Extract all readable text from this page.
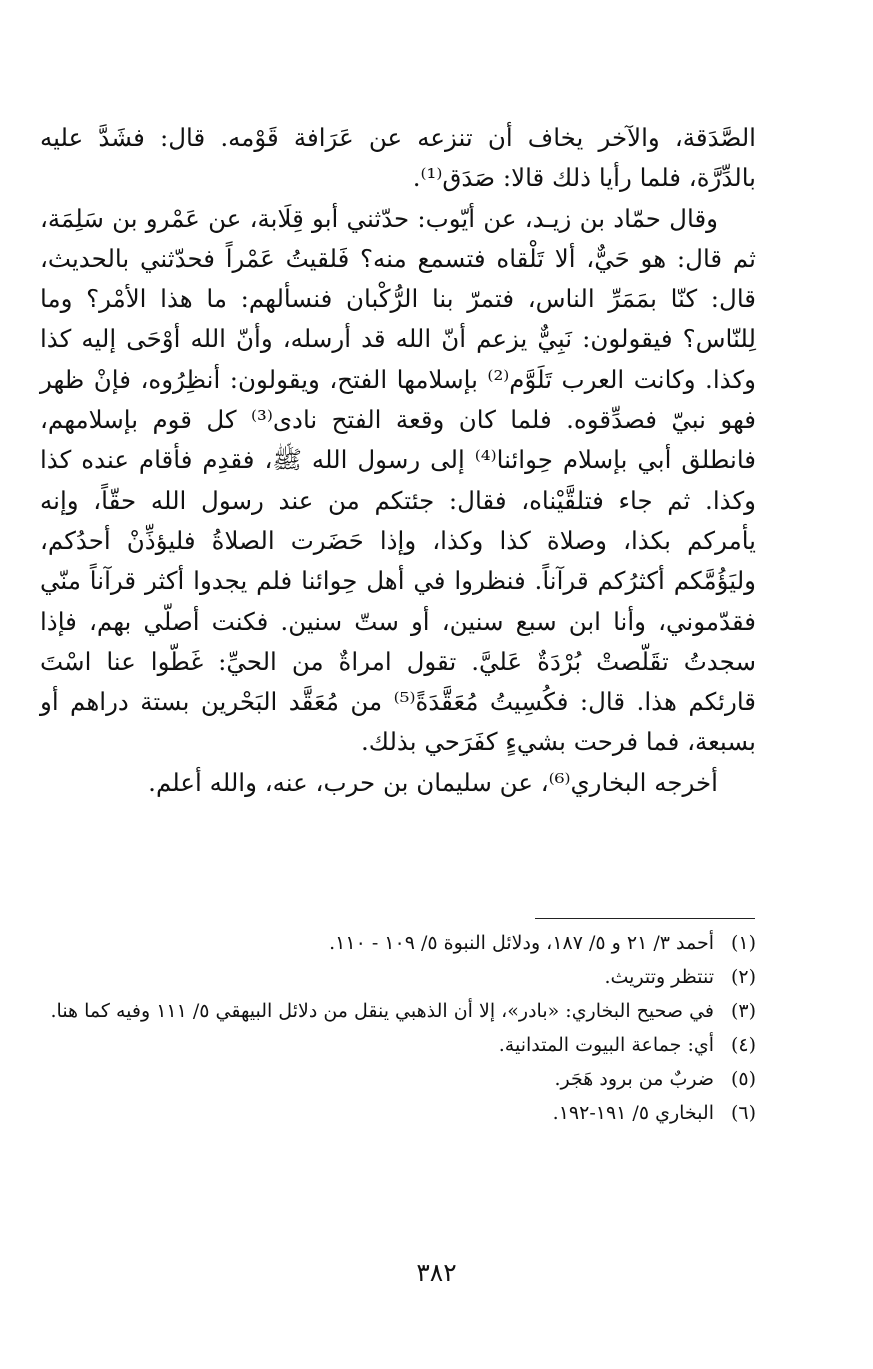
الصَّدَقة، والآخر يخاف أن تنزعه عن عَرَافة قَوْمه. قال: فشَدَّ عليه بالدِّرَّة، فلما رأيا ذلك قالا: صَدَق⁽¹⁾.

وقال حمّاد بن زيـد، عن أيّوب: حدّثني أبو قِلَابة، عن عَمْرو بن سَلِمَة، ثم قال: هو حَيٌّ، ألا تَلْقاه فتسمع منه؟ فَلقيتُ عَمْراً فحدّثني بالحديث، قال: كنّا بمَمَرِّ الناس، فتمرّ بنا الرُّكْبان فنسألهم: ما هذا الأمْر؟ وما لِلنّاس؟ فيقولون: نَبِيٌّ يزعم أنّ الله قد أرسله، وأنّ الله أوْحَى إليه كذا وكذا. وكانت العرب تَلَوَّم⁽²⁾ بإسلامها الفتح، ويقولون: أنظِرُوه، فإنْ ظهر فهو نبيّ فصدِّقوه. فلما كان وقعة الفتح نادى⁽³⁾ كل قوم بإسلامهم، فانطلق أبي بإسلام حِوائنا⁽⁴⁾ إلى رسول الله ﷺ، فقدِم فأقام عنده كذا وكذا. ثم جاء فتلقَّيْناه، فقال: جئتكم من عند رسول الله حقّاً، وإنه يأمركم بكذا، وصلاة كذا وكذا، وإذا حَضَرت الصلاةُ فليؤذِّنْ أحدُكم، وليَؤُمَّكم أكثرُكم قرآناً. فنظروا في أهل حِوائنا فلم يجدوا أكثر قرآناً منّي فقدّموني، وأنا ابن سبع سنين، أو ستّ سنين. فكنت أصلّي بهم، فإذا سجدتُ تقَلّصتْ بُرْدَةٌ عَليَّ. تقول امراةٌ من الحيِّ: غَطّوا عنا اسْتَ قارئكم هذا. قال: فكُسِيتُ مُعَقَّدَةً⁽⁵⁾ من مُعَقَّد البَحْرين بستة دراهم أو بسبعة، فما فرحت بشيءٍ كفَرَحي بذلك.

أخرجه البخاري⁽⁶⁾، عن سليمان بن حرب، عنه، والله أعلم.

(١)
أحمد ٣/ ٢١ و ٥/ ١٨٧، ودلائل النبوة ٥/ ١٠٩ - ١١٠.
(٢)
تنتظر وتتريث.
(٣)
في صحيح البخاري: «بادر»، إلا أن الذهبي ينقل من دلائل البيهقي ٥/ ١١١ وفيه كما هنا.
(٤)
أي: جماعة البيوت المتدانية.
(٥)
ضربٌ من برود هَجَر.
(٦)
البخاري ٥/ ١٩١-١٩٢.
٣٨٢
